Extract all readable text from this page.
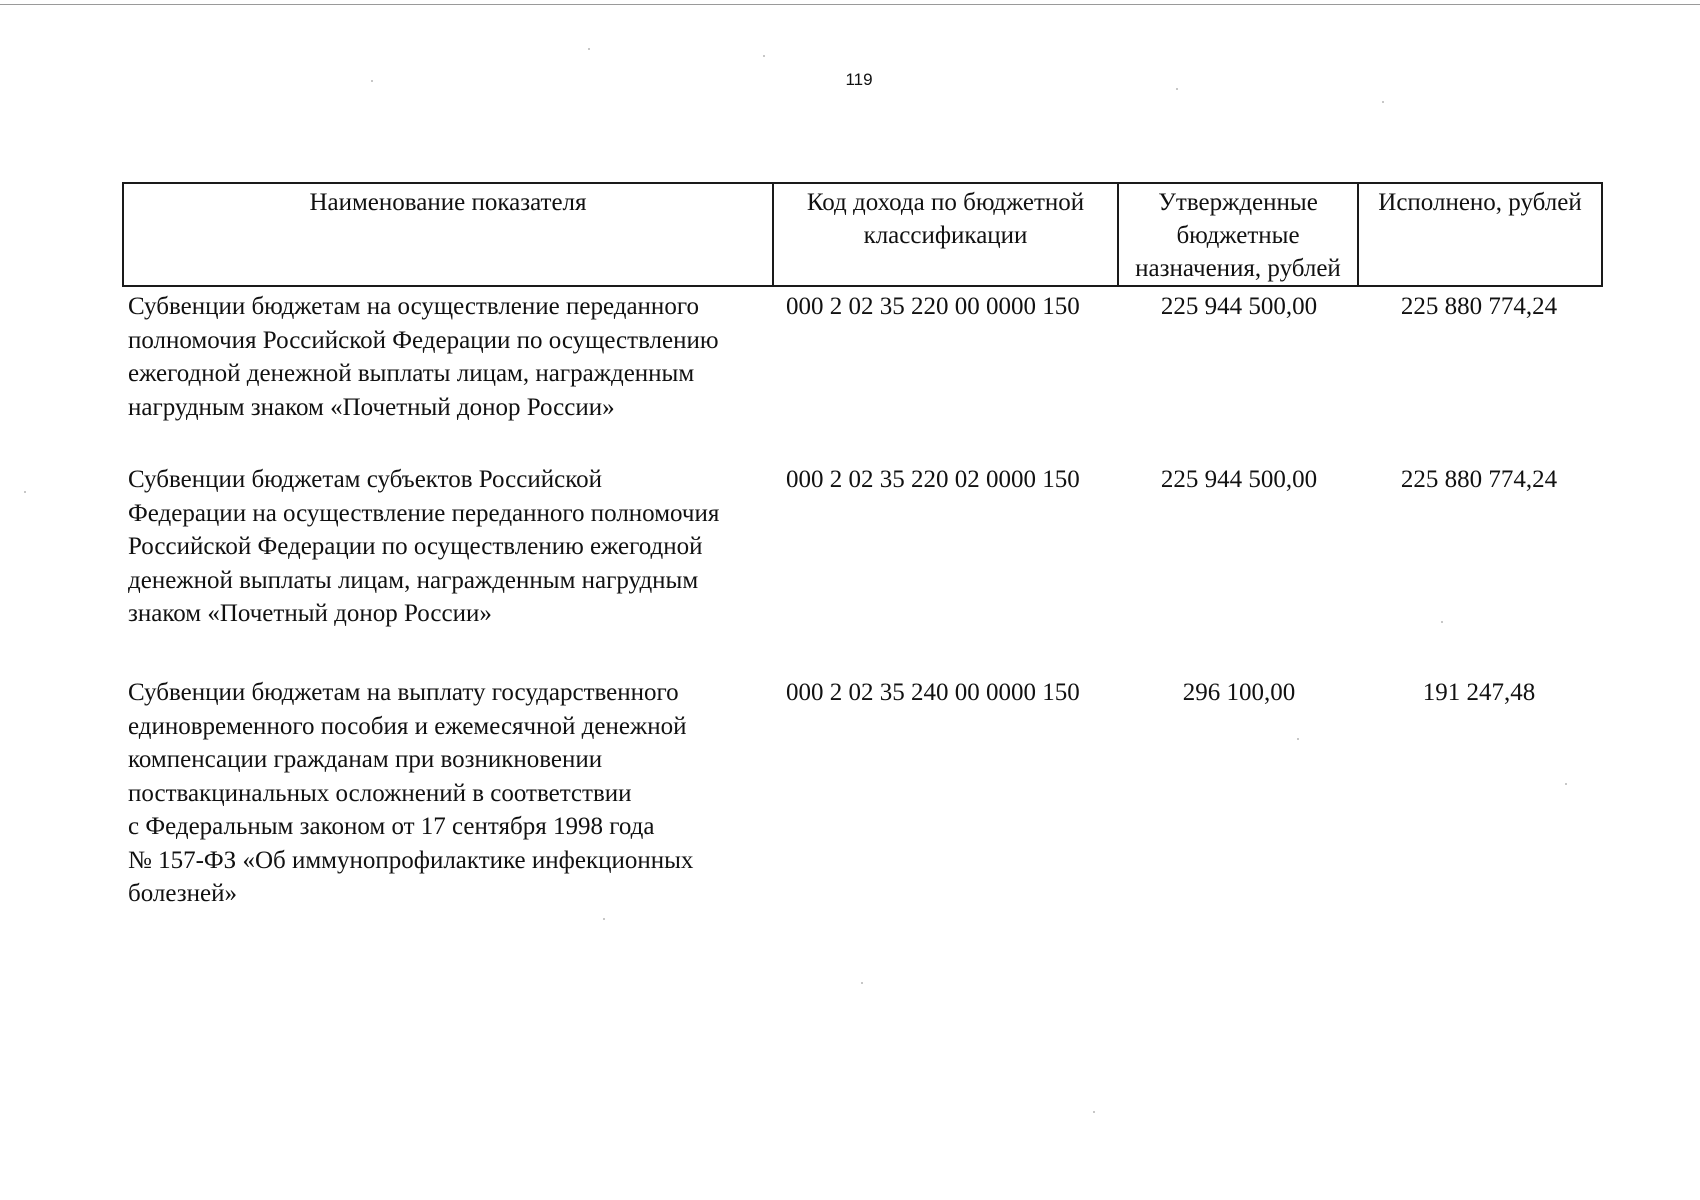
119
Наименование показателя	Код дохода по бюджетной классификации	Утвержденные бюджетные назначения, рублей	Исполнено, рублей
Субвенции бюджетам на осуществление переданного
полномочия Российской Федерации по осуществлению
ежегодной денежной выплаты лицам, награжденным
нагрудным знаком «Почетный донор России»
000 2 02 35 220 00 0000 150	225 944 500,00	225 880 774,24
Субвенции бюджетам субъектов Российской
Федерации на осуществление переданного полномочия
Российской Федерации по осуществлению ежегодной
денежной выплаты лицам, награжденным нагрудным
знаком «Почетный донор России»
000 2 02 35 220 02 0000 150	225 944 500,00	225 880 774,24
Субвенции бюджетам на выплату государственного
единовременного пособия и ежемесячной денежной
компенсации гражданам при возникновении
поствакцинальных осложнений в соответствии
с Федеральным законом от 17 сентября 1998 года
№ 157-ФЗ «Об иммунопрофилактике инфекционных
болезней»
000 2 02 35 240 00 0000 150	296 100,00	191 247,48
